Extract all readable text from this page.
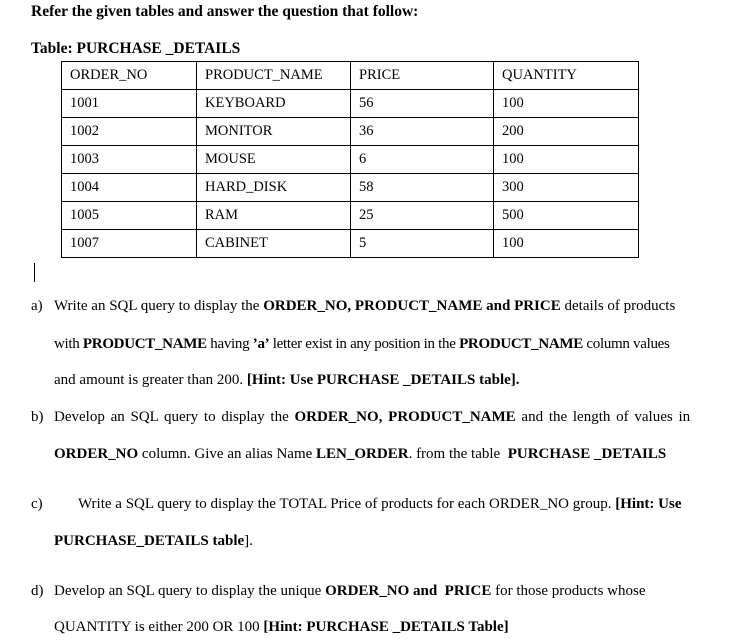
Refer the given tables and answer the question that follow:
Table: PURCHASE _DETAILS
ORDER_NO	PRODUCT_NAME	PRICE	QUANTITY
1001	KEYBOARD	56	100
1002	MONITOR	36	200
1003	MOUSE	6	100
1004	HARD_DISK	58	300
1005	RAM	25	500
1007	CABINET	5	100
a) Write an SQL query to display the ORDER_NO, PRODUCT_NAME and PRICE details of products
with PRODUCT_NAME having ’a’ letter exist in any position in the PRODUCT_NAME column values
and amount is greater than 200. [Hint: Use PURCHASE _DETAILS table].
b) Develop an SQL query to display the ORDER_NO, PRODUCT_NAME and the length of values in
ORDER_NO column. Give an alias Name LEN_ORDER. from the table  PURCHASE _DETAILS
c) Write a SQL query to display the TOTAL Price of products for each ORDER_NO group. [Hint: Use
PURCHASE_DETAILS table].
d) Develop an SQL query to display the unique ORDER_NO and  PRICE for those products whose
QUANTITY is either 200 OR 100 [Hint: PURCHASE _DETAILS Table]
